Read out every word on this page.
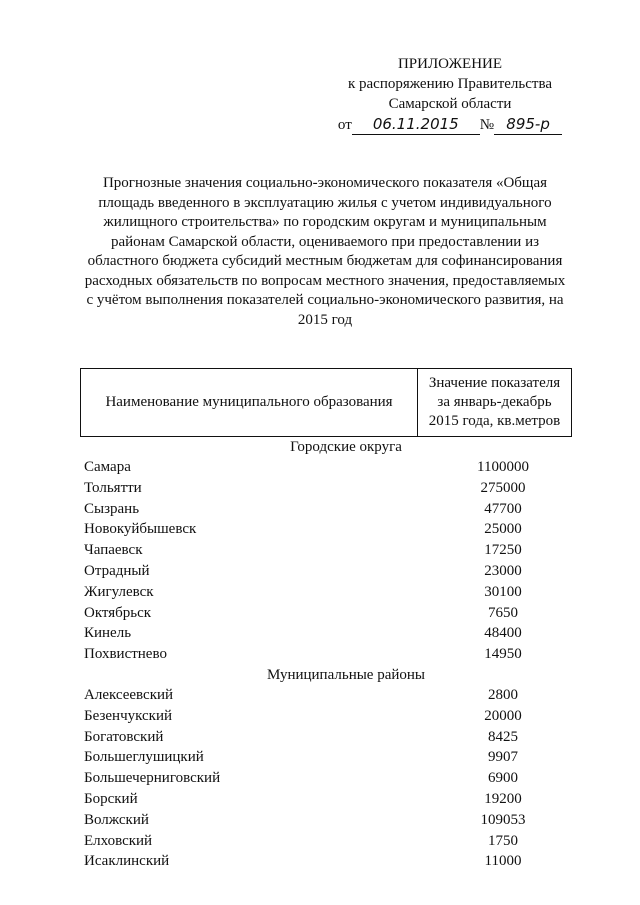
ПРИЛОЖЕНИЕ
к распоряжению Правительства
Самарской области
от	06.11.2015	№ 895-р
Прогнозные значения социально-экономического показателя «Общая площадь введенного в эксплуатацию жилья с учетом индивидуального жилищного строительства» по городским округам и муниципальным районам Самарской области, оцениваемого при предоставлении из областного бюджета субсидий местным бюджетам для софинансирования расходных обязательств по вопросам местного значения, предоставляемых с учётом выполнения показателей социально-экономического развития, на 2015 год
Наименование муниципального образования
Значение показателя
за январь-декабрь
2015 года, кв.метров
Городские округа
Самара	1100000
Тольятти	275000
Сызрань	47700
Новокуйбышевск	25000
Чапаевск	17250
Отрадный	23000
Жигулевск	30100
Октябрьск	7650
Кинель	48400
Похвистнево	14950
Муниципальные районы
Алексеевский	2800
Безенчукский	20000
Богатовский	8425
Большеглушицкий	9907
Большечерниговский	6900
Борский	19200
Волжский	109053
Елховский	1750
Исаклинский	11000
